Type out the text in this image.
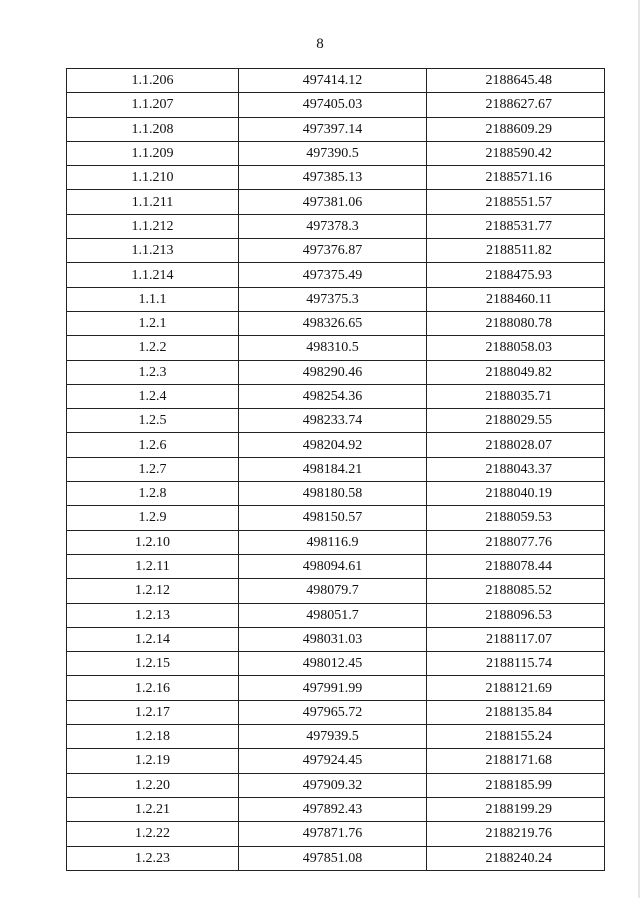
8
1.1.206	497414.12	2188645.48
1.1.207	497405.03	2188627.67
1.1.208	497397.14	2188609.29
1.1.209	497390.5	2188590.42
1.1.210	497385.13	2188571.16
1.1.211	497381.06	2188551.57
1.1.212	497378.3	2188531.77
1.1.213	497376.87	2188511.82
1.1.214	497375.49	2188475.93
1.1.1	497375.3	2188460.11
1.2.1	498326.65	2188080.78
1.2.2	498310.5	2188058.03
1.2.3	498290.46	2188049.82
1.2.4	498254.36	2188035.71
1.2.5	498233.74	2188029.55
1.2.6	498204.92	2188028.07
1.2.7	498184.21	2188043.37
1.2.8	498180.58	2188040.19
1.2.9	498150.57	2188059.53
1.2.10	498116.9	2188077.76
1.2.11	498094.61	2188078.44
1.2.12	498079.7	2188085.52
1.2.13	498051.7	2188096.53
1.2.14	498031.03	2188117.07
1.2.15	498012.45	2188115.74
1.2.16	497991.99	2188121.69
1.2.17	497965.72	2188135.84
1.2.18	497939.5	2188155.24
1.2.19	497924.45	2188171.68
1.2.20	497909.32	2188185.99
1.2.21	497892.43	2188199.29
1.2.22	497871.76	2188219.76
1.2.23	497851.08	2188240.24
